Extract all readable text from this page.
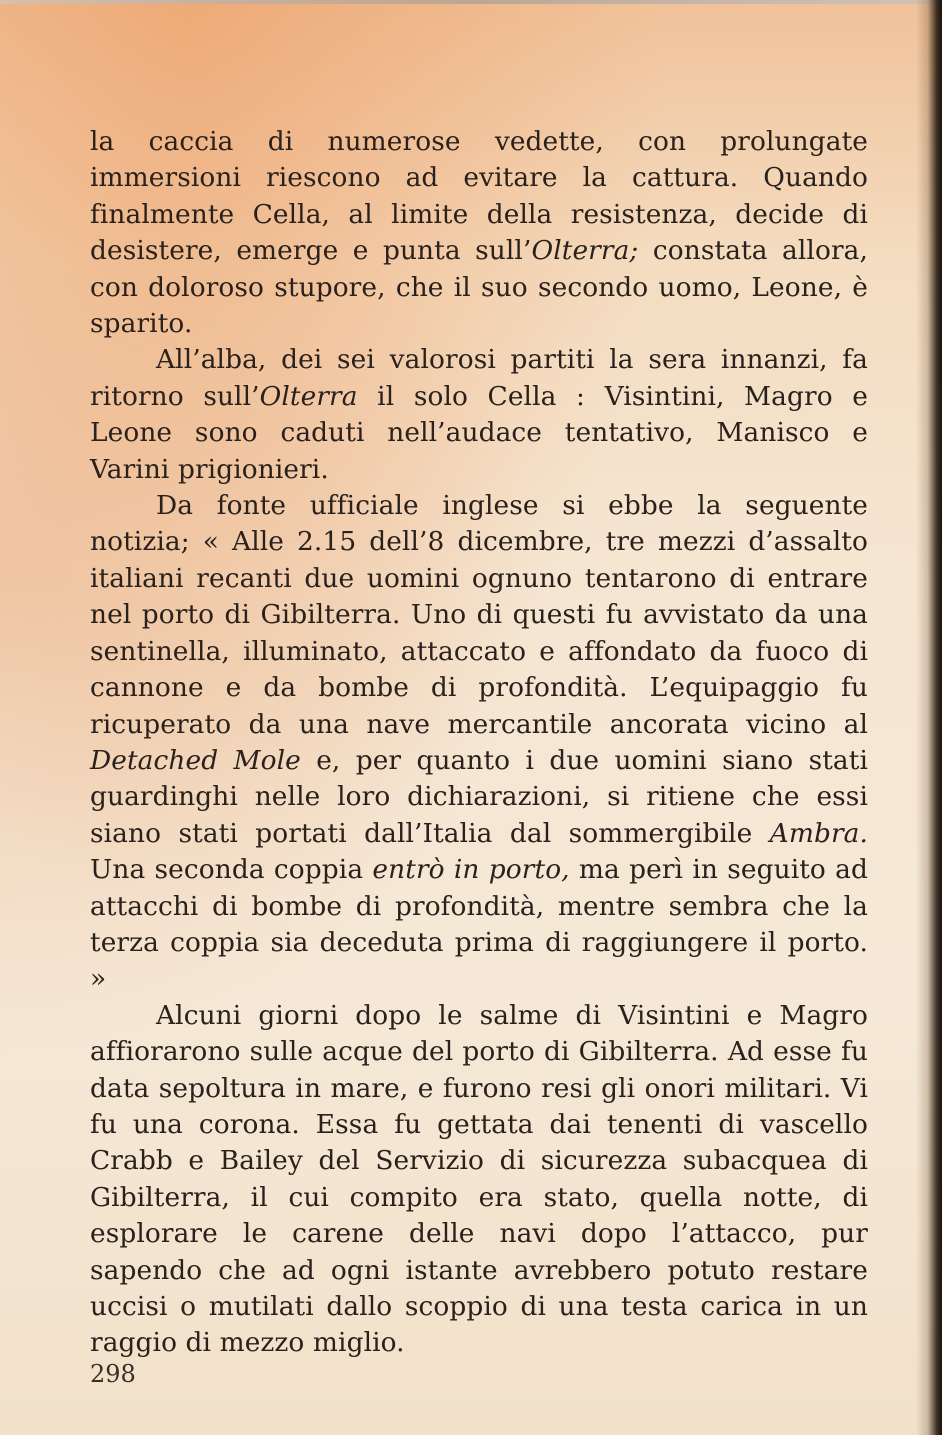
la caccia di numerose vedette, con prolungate immersioni riescono ad evitare la cattura. Quando finalmente Cella, al limite della resistenza, decide di desistere, emerge e punta sull’Olterra; constata allora, con doloroso stupore, che il suo secondo uomo, Leone, è sparito.

All’alba, dei sei valorosi partiti la sera innanzi, fa ritorno sull’Olterra il solo Cella : Visintini, Magro e Leone sono caduti nell’audace tentativo, Manisco e Varini prigionieri.

Da fonte ufficiale inglese si ebbe la seguente notizia; « Alle 2.15 dell’8 dicembre, tre mezzi d’assalto italiani recanti due uomini ognuno tentarono di entrare nel porto di Gibilterra. Uno di questi fu avvistato da una sentinella, illuminato, attaccato e affondato da fuoco di cannone e da bombe di profondità. L’equipaggio fu ricuperato da una nave mercantile ancorata vicino al Detached Mole e, per quanto i due uomini siano stati guardinghi nelle loro dichiarazioni, si ritiene che essi siano stati portati dall’Italia dal sommergibile Ambra. Una seconda coppia entrò in porto, ma perì in seguito ad attacchi di bombe di profondità, mentre sembra che la terza coppia sia deceduta prima di raggiungere il porto. »

Alcuni giorni dopo le salme di Visintini e Magro affiorarono sulle acque del porto di Gibilterra. Ad esse fu data sepoltura in mare, e furono resi gli onori militari. Vi fu una corona. Essa fu gettata dai tenenti di vascello Crabb e Bailey del Servizio di sicurezza subacquea di Gibilterra, il cui compito era stato, quella notte, di esplorare le carene delle navi dopo l’attacco, pur sapendo che ad ogni istante avrebbero potuto restare uccisi o mutilati dallo scoppio di una testa carica in un raggio di mezzo miglio.

298
